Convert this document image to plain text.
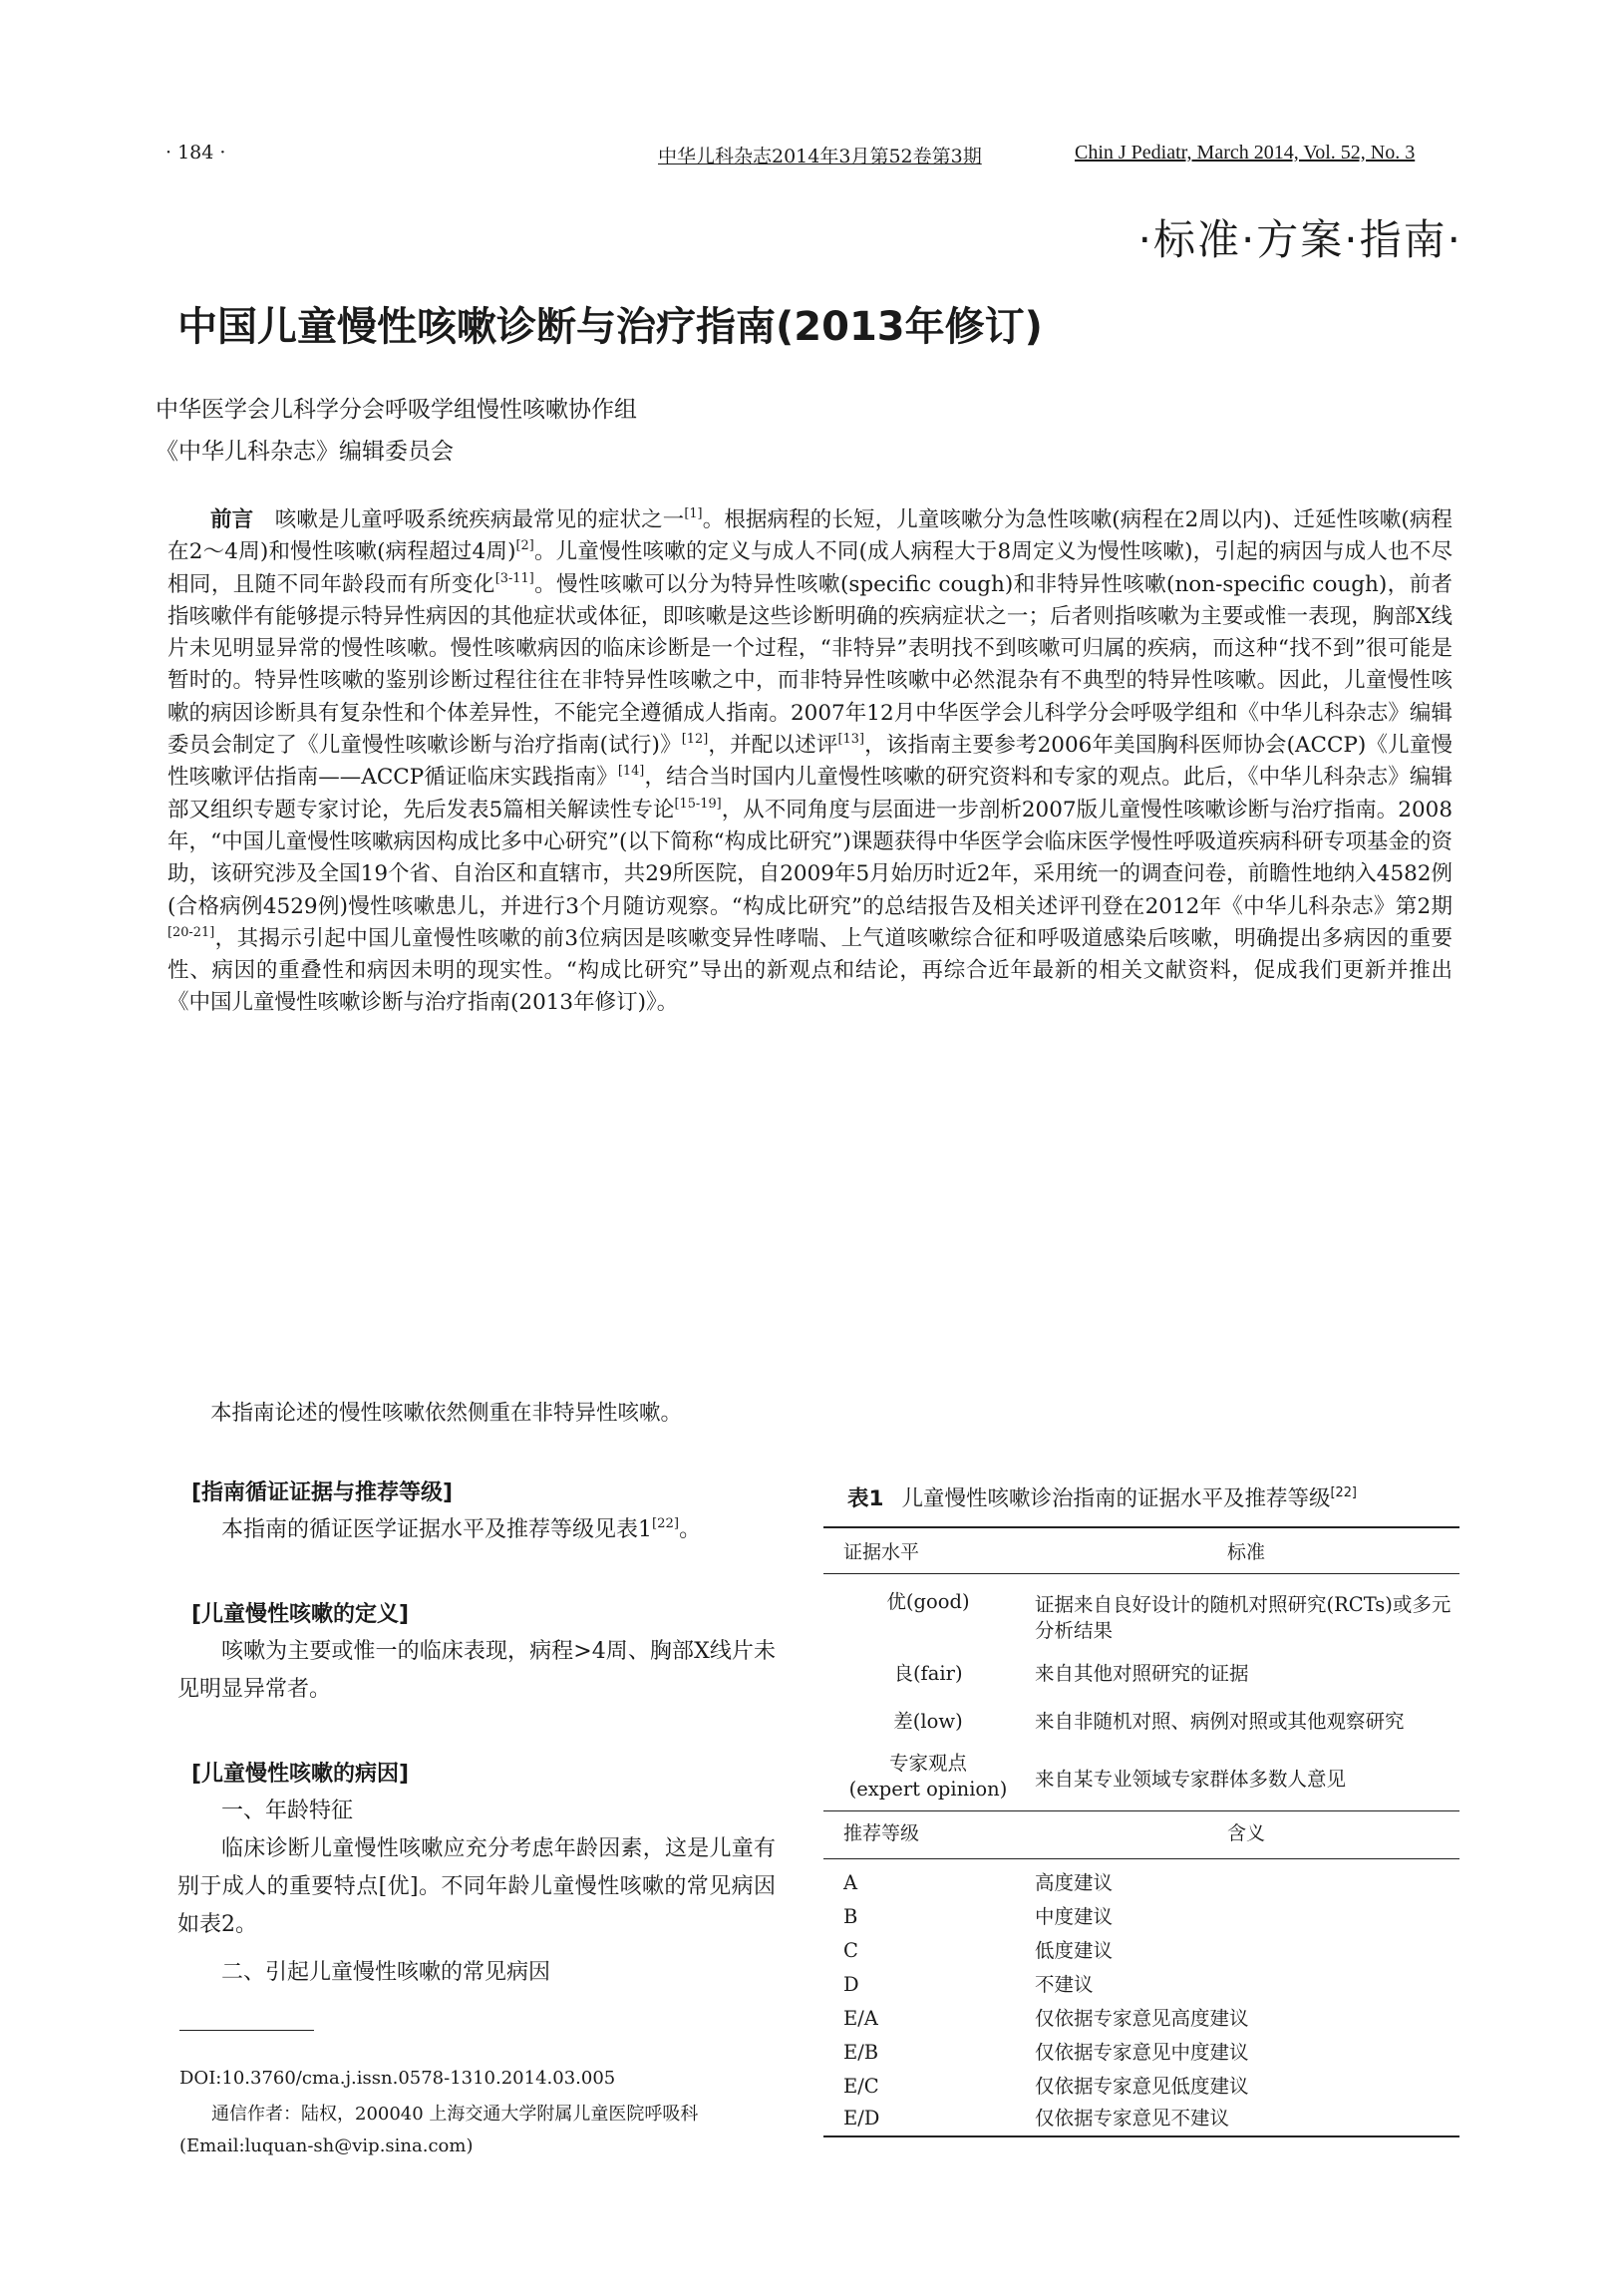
· 184 ·	中华儿科杂志2014年3月第52卷第3期	Chin J Pediatr, March 2014, Vol. 52, No. 3
·标准·方案·指南·
中国儿童慢性咳嗽诊断与治疗指南(2013年修订)
中华医学会儿科学分会呼吸学组慢性咳嗽协作组
《中华儿科杂志》编辑委员会
前言 咳嗽是儿童呼吸系统疾病最常见的症状之一[1]。根据病程的长短，儿童咳嗽分为急性咳嗽(病程在2周以内)、迁延性咳嗽(病程在2～4周)和慢性咳嗽(病程超过4周)[2]。儿童慢性咳嗽的定义与成人不同(成人病程大于8周定义为慢性咳嗽)，引起的病因与成人也不尽相同，且随不同年龄段而有所变化[3-11]。慢性咳嗽可以分为特异性咳嗽(specific cough)和非特异性咳嗽(non-specific cough)，前者指咳嗽伴有能够提示特异性病因的其他症状或体征，即咳嗽是这些诊断明确的疾病症状之一；后者则指咳嗽为主要或惟一表现，胸部X线片未见明显异常的慢性咳嗽。慢性咳嗽病因的临床诊断是一个过程，“非特异”表明找不到咳嗽可归属的疾病，而这种“找不到”很可能是暂时的。特异性咳嗽的鉴别诊断过程往往在非特异性咳嗽之中，而非特异性咳嗽中必然混杂有不典型的特异性咳嗽。因此，儿童慢性咳嗽的病因诊断具有复杂性和个体差异性，不能完全遵循成人指南。2007年12月中华医学会儿科学分会呼吸学组和《中华儿科杂志》编辑委员会制定了《儿童慢性咳嗽诊断与治疗指南(试行)》[12]，并配以述评[13]，该指南主要参考2006年美国胸科医师协会(ACCP)《儿童慢性咳嗽评估指南——ACCP循证临床实践指南》[14]，结合当时国内儿童慢性咳嗽的研究资料和专家的观点。此后，《中华儿科杂志》编辑部又组织专题专家讨论，先后发表5篇相关解读性专论[15-19]，从不同角度与层面进一步剖析2007版儿童慢性咳嗽诊断与治疗指南。2008年，“中国儿童慢性咳嗽病因构成比多中心研究”(以下简称“构成比研究”)课题获得中华医学会临床医学慢性呼吸道疾病科研专项基金的资助，该研究涉及全国19个省、自治区和直辖市，共29所医院，自2009年5月始历时近2年，采用统一的调查问卷，前瞻性地纳入4582例(合格病例4529例)慢性咳嗽患儿，并进行3个月随访观察。“构成比研究”的总结报告及相关述评刊登在2012年《中华儿科杂志》第2期[20-21]，其揭示引起中国儿童慢性咳嗽的前3位病因是咳嗽变异性哮喘、上气道咳嗽综合征和呼吸道感染后咳嗽，明确提出多病因的重要性、病因的重叠性和病因未明的现实性。“构成比研究”导出的新观点和结论，再综合近年最新的相关文献资料，促成我们更新并推出《中国儿童慢性咳嗽诊断与治疗指南(2013年修订)》。
本指南论述的慢性咳嗽依然侧重在非特异性咳嗽。
[指南循证证据与推荐等级]
本指南的循证医学证据水平及推荐等级见表1[22]。
[儿童慢性咳嗽的定义]
咳嗽为主要或惟一的临床表现，病程>4周、胸部X线片未见明显异常者。
[儿童慢性咳嗽的病因]
一、年龄特征
临床诊断儿童慢性咳嗽应充分考虑年龄因素，这是儿童有别于成人的重要特点[优]。不同年龄儿童慢性咳嗽的常见病因如表2。
二、引起儿童慢性咳嗽的常见病因
DOI:10.3760/cma.j.issn.0578-1310.2014.03.005
通信作者：陆权，200040 上海交通大学附属儿童医院呼吸科
(Email:luquan-sh@vip.sina.com)
表1 儿童慢性咳嗽诊治指南的证据水平及推荐等级[22]
证据水平	标准
优(good)	证据来自良好设计的随机对照研究(RCTs)或多元分析结果
良(fair)	来自其他对照研究的证据
差(low)	来自非随机对照、病例对照或其他观察研究
专家观点
(expert opinion)	来自某专业领域专家群体多数人意见
推荐等级	含义
A	高度建议
B	中度建议
C	低度建议
D	不建议
E/A	仅依据专家意见高度建议
E/B	仅依据专家意见中度建议
E/C	仅依据专家意见低度建议
E/D	仅依据专家意见不建议
